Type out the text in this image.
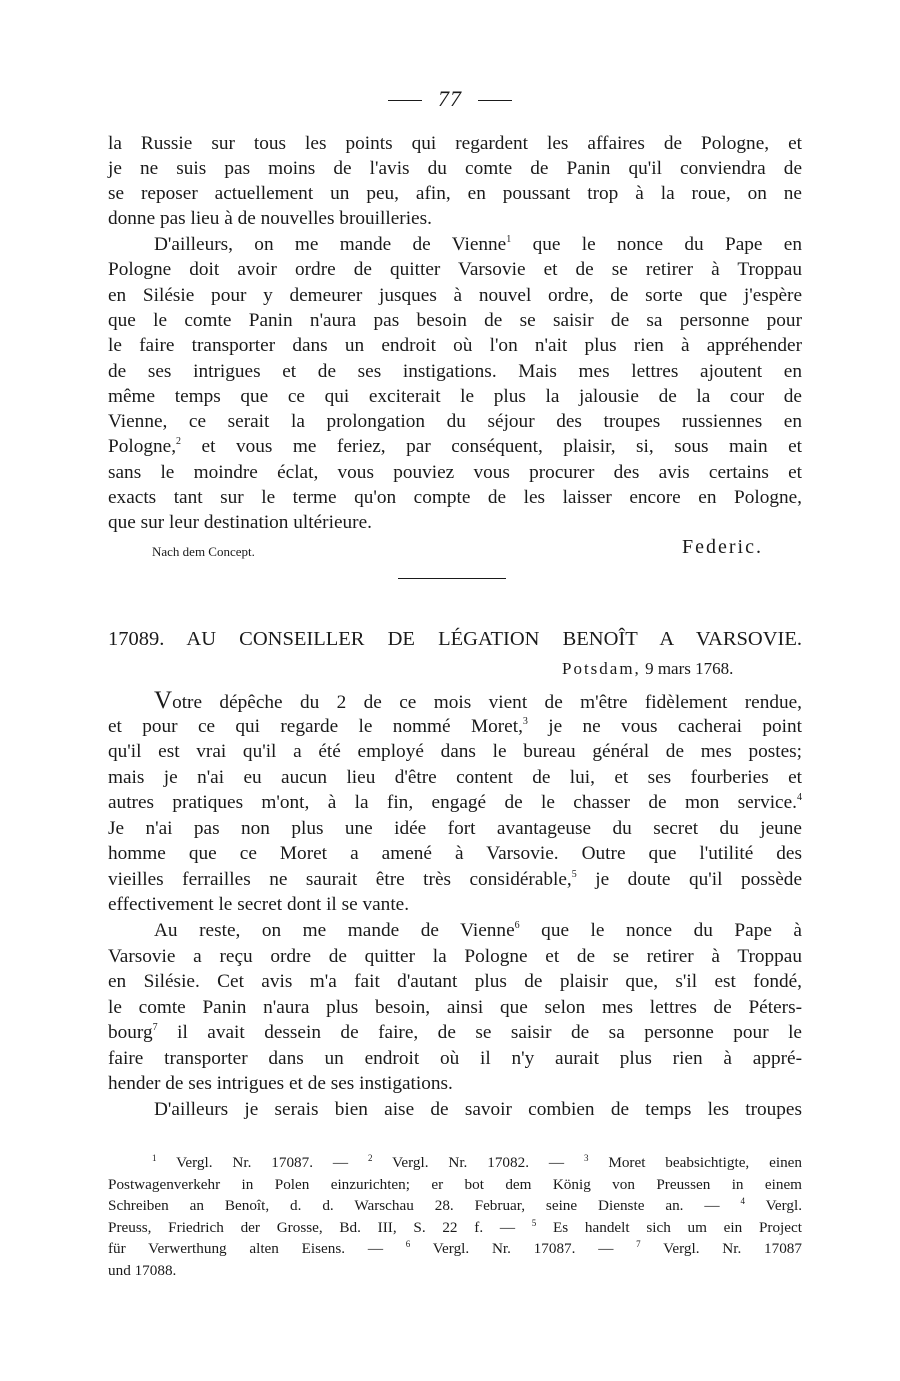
77
la Russie sur tous les points qui regardent les affaires de Pologne, et
je ne suis pas moins de l'avis du comte de Panin qu'il conviendra de
se reposer actuellement un peu, afin, en poussant trop à la roue, on ne
donne pas lieu à de nouvelles brouilleries.
D'ailleurs, on me mande de Vienne$^1$ que le nonce du Pape en
Pologne doit avoir ordre de quitter Varsovie et de se retirer à Troppau
en Silésie pour y demeurer jusques à nouvel ordre, de sorte que j'espère
que le comte Panin n'aura pas besoin de se saisir de sa personne pour
le faire transporter dans un endroit où l'on n'ait plus rien à appréhender
de ses intrigues et de ses instigations. Mais mes lettres ajoutent en
même temps que ce qui exciterait le plus la jalousie de la cour de
Vienne, ce serait la prolongation du séjour des troupes russiennes en
Pologne,$^2$ et vous me feriez, par conséquent, plaisir, si, sous main et
sans le moindre éclat, vous pouviez vous procurer des avis certains et
exacts tant sur le terme qu'on compte de les laisser encore en Pologne,
que sur leur destination ultérieure.
Nach dem Concept.	Federic.
17089. AU CONSEILLER DE LÉGATION BENOÎT A VARSOVIE.
Potsdam, 9 mars 1768.
Votre dépêche du 2 de ce mois vient de m'être fidèlement rendue,
et pour ce qui regarde le nommé Moret,$^3$ je ne vous cacherai point
qu'il est vrai qu'il a été employé dans le bureau général de mes postes;
mais je n'ai eu aucun lieu d'être content de lui, et ses fourberies et
autres pratiques m'ont, à la fin, engagé de le chasser de mon service.$^4$
Je n'ai pas non plus une idée fort avantageuse du secret du jeune
homme que ce Moret a amené à Varsovie. Outre que l'utilité des
vieilles ferrailles ne saurait être très considérable,$^5$ je doute qu'il possède
effectivement le secret dont il se vante.
Au reste, on me mande de Vienne$^6$ que le nonce du Pape à
Varsovie a reçu ordre de quitter la Pologne et de se retirer à Troppau
en Silésie. Cet avis m'a fait d'autant plus de plaisir que, s'il est fondé,
le comte Panin n'aura plus besoin, ainsi que selon mes lettres de Péters-
bourg$^7$ il avait dessein de faire, de se saisir de sa personne pour le
faire transporter dans un endroit où il n'y aurait plus rien à appré-
hender de ses intrigues et de ses instigations.
D'ailleurs je serais bien aise de savoir combien de temps les troupes
$^1$ Vergl. Nr. 17087. — $^2$ Vergl. Nr. 17082. — $^3$ Moret beabsichtigte, einen
Postwagenverkehr in Polen einzurichten; er bot dem König von Preussen in einem
Schreiben an Benoît, d. d. Warschau 28. Februar, seine Dienste an. — $^4$ Vergl.
Preuss, Friedrich der Grosse, Bd. III, S. 22 f. — $^5$ Es handelt sich um ein Project
für Verwerthung alten Eisens. — $^6$ Vergl. Nr. 17087. — $^7$ Vergl. Nr. 17087
und 17088.
